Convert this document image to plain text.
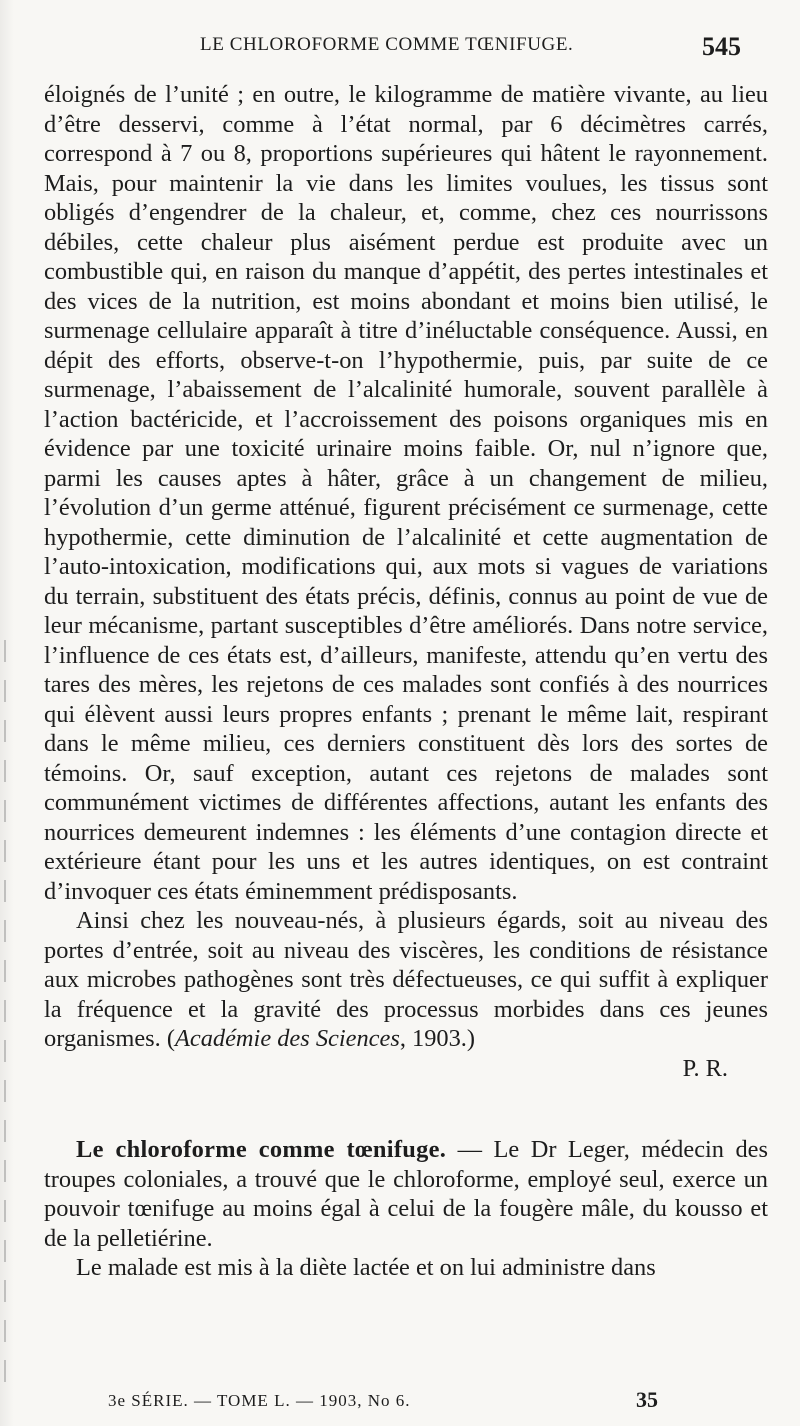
LE CHLOROFORME COMME TŒNIFUGE.	545

éloignés de l’unité ; en outre, le kilogramme de matière vivante, au lieu d’être desservi, comme à l’état normal, par 6 décimètres carrés, correspond à 7 ou 8, proportions supérieures qui hâtent le rayonnement. Mais, pour maintenir la vie dans les limites voulues, les tissus sont obligés d’engendrer de la chaleur, et, comme, chez ces nourrissons débiles, cette chaleur plus aisément perdue est produite avec un combustible qui, en raison du manque d’appétit, des pertes intestinales et des vices de la nutrition, est moins abondant et moins bien utilisé, le surmenage cellulaire apparaît à titre d’inéluctable conséquence. Aussi, en dépit des efforts, observe-t-on l’hypothermie, puis, par suite de ce surmenage, l’abaissement de l’alcalinité humorale, souvent parallèle à l’action bactéricide, et l’accroissement des poisons organiques mis en évidence par une toxicité urinaire moins faible. Or, nul n’ignore que, parmi les causes aptes à hâter, grâce à un changement de milieu, l’évolution d’un germe atténué, figurent précisément ce surmenage, cette hypothermie, cette diminution de l’alcalinité et cette augmentation de l’auto-intoxication, modifications qui, aux mots si vagues de variations du terrain, substituent des états précis, définis, connus au point de vue de leur mécanisme, partant susceptibles d’être améliorés. Dans notre service, l’influence de ces états est, d’ailleurs, manifeste, attendu qu’en vertu des tares des mères, les rejetons de ces malades sont confiés à des nourrices qui élèvent aussi leurs propres enfants ; prenant le même lait, respirant dans le même milieu, ces derniers constituent dès lors des sortes de témoins. Or, sauf exception, autant ces rejetons de malades sont communément victimes de différentes affections, autant les enfants des nourrices demeurent indemnes : les éléments d’une contagion directe et extérieure étant pour les uns et les autres identiques, on est contraint d’invoquer ces états éminemment prédisposants.

Ainsi chez les nouveau-nés, à plusieurs égards, soit au niveau des portes d’entrée, soit au niveau des viscères, les conditions de résistance aux microbes pathogènes sont très défectueuses, ce qui suffit à expliquer la fréquence et la gravité des processus morbides dans ces jeunes organismes. (Académie des Sciences, 1903.)

P. R.

Le chloroforme comme tœnifuge. — Le Dr Leger, médecin des troupes coloniales, a trouvé que le chloroforme, employé seul, exerce un pouvoir tœnifuge au moins égal à celui de la fougère mâle, du kousso et de la pelletiérine.

Le malade est mis à la diète lactée et on lui administre dans

3e SÉRIE. — TOME L. — 1903, No 6.	35
